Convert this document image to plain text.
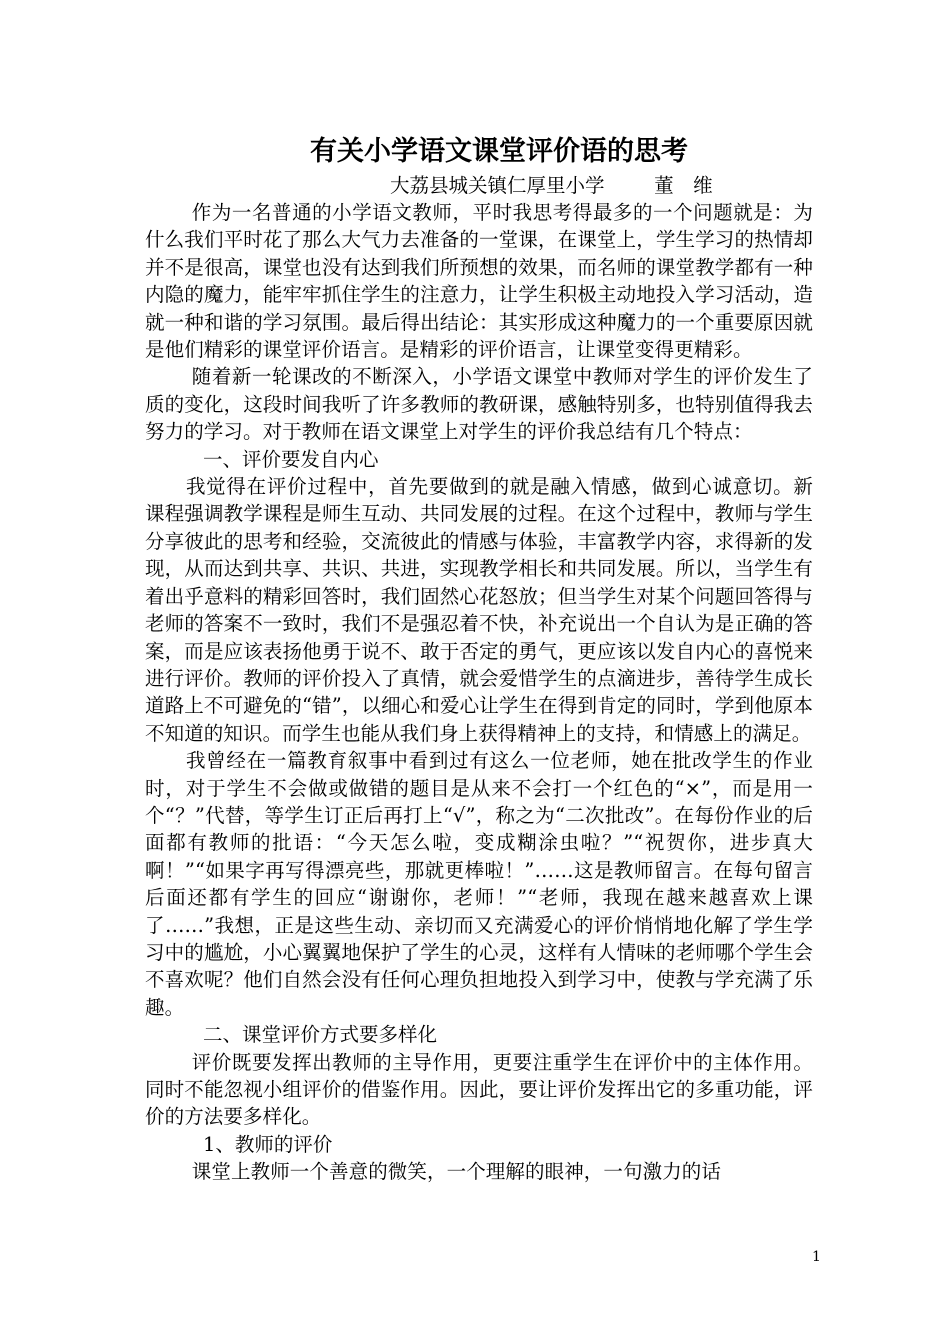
有关小学语文课堂评价语的思考

大荔县城关镇仁厚里小学	董　维

作为一名普通的小学语文教师，平时我思考得最多的一个问题就是：为什么我们平时花了那么大气力去准备的一堂课，在课堂上，学生学习的热情却并不是很高，课堂也没有达到我们所预想的效果，而名师的课堂教学都有一种内隐的魔力，能牢牢抓住学生的注意力，让学生积极主动地投入学习活动，造就一种和谐的学习氛围。最后得出结论：其实形成这种魔力的一个重要原因就是他们精彩的课堂评价语言。是精彩的评价语言，让课堂变得更精彩。

随着新一轮课改的不断深入，小学语文课堂中教师对学生的评价发生了质的变化，这段时间我听了许多教师的教研课，感触特别多，也特别值得我去努力的学习。对于教师在语文课堂上对学生的评价我总结有几个特点：

一、评价要发自内心

我觉得在评价过程中，首先要做到的就是融入情感，做到心诚意切。新课程强调教学课程是师生互动、共同发展的过程。在这个过程中，教师与学生分享彼此的思考和经验，交流彼此的情感与体验，丰富教学内容，求得新的发现，从而达到共享、共识、共进，实现教学相长和共同发展。所以，当学生有着出乎意料的精彩回答时，我们固然心花怒放；但当学生对某个问题回答得与老师的答案不一致时，我们不是强忍着不快，补充说出一个自认为是正确的答案，而是应该表扬他勇于说不、敢于否定的勇气，更应该以发自内心的喜悦来进行评价。教师的评价投入了真情，就会爱惜学生的点滴进步，善待学生成长道路上不可避免的“错”，以细心和爱心让学生在得到肯定的同时，学到他原本不知道的知识。而学生也能从我们身上获得精神上的支持，和情感上的满足。

我曾经在一篇教育叙事中看到过有这么一位老师，她在批改学生的作业时，对于学生不会做或做错的题目是从来不会打一个红色的“×”，而是用一个“？”代替，等学生订正后再打上“√”，称之为“二次批改”。在每份作业的后面都有教师的批语：“今天怎么啦，变成糊涂虫啦？”“祝贺你，进步真大啊！”“如果字再写得漂亮些，那就更棒啦！”……这是教师留言。在每句留言后面还都有学生的回应“谢谢你，老师！”“老师，我现在越来越喜欢上课了……”我想，正是这些生动、亲切而又充满爱心的评价悄悄地化解了学生学习中的尴尬，小心翼翼地保护了学生的心灵，这样有人情味的老师哪个学生会不喜欢呢？他们自然会没有任何心理负担地投入到学习中，使教与学充满了乐趣。

二、课堂评价方式要多样化

评价既要发挥出教师的主导作用，更要注重学生在评价中的主体作用。同时不能忽视小组评价的借鉴作用。因此，要让评价发挥出它的多重功能，评价的方法要多样化。

1、教师的评价

课堂上教师一个善意的微笑，一个理解的眼神，一句激力的话

1
